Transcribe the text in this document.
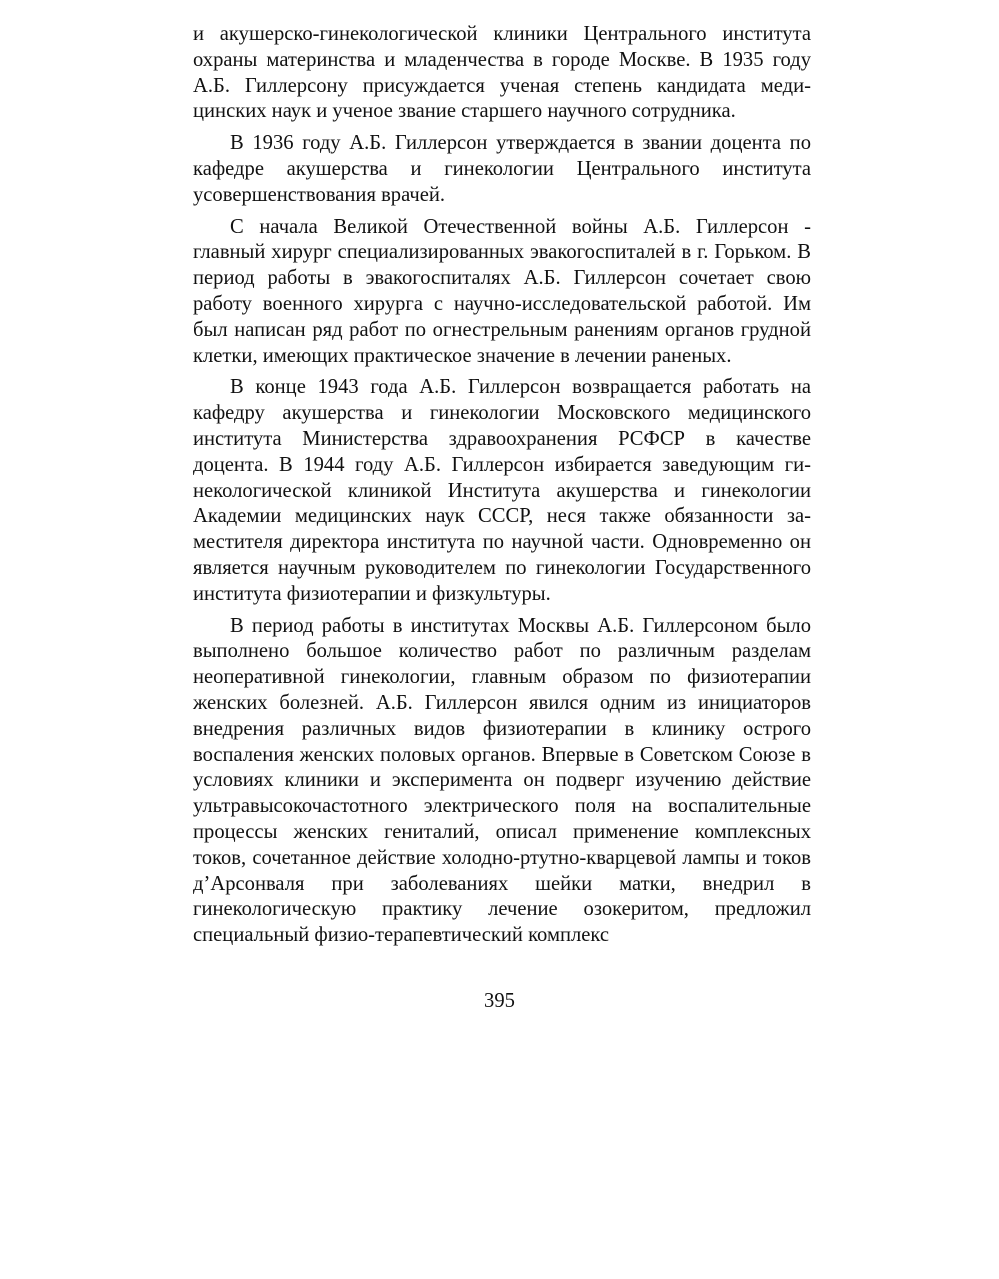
и акушерско-гинекологической клиники Центрального института охраны материнства и младенчества в городе Москве. В 1935 году А.Б. Гиллерсону присуждается ученая степень кандидата медицинских наук и ученое звание старшего научного сотрудника.

В 1936 году А.Б. Гиллерсон утверждается в звании доцента по кафедре акушерства и гинекологии Центрального института усовершенствования врачей.

С начала Великой Отечественной войны А.Б. Гиллерсон - главный хирург специализированных эвакогоспиталей в г. Горьком. В период работы в эвакогоспиталях А.Б. Гиллерсон сочетает свою работу военного хирурга с научно-исследовательской работой. Им был написан ряд работ по огнестрельным ранениям органов грудной клетки, имеющих практическое значение в лечении раненых.

В конце 1943 года А.Б. Гиллерсон возвращается работать на кафедру акушерства и гинекологии Московского медицинского института Министерства здравоохранения РСФСР в качестве доцента. В 1944 году А.Б. Гиллерсон избирается заведующим гинекологической клиникой Института акушерства и гинекологии Академии медицинских наук СССР, неся также обязанности заместителя директора института по научной части. Одновременно он является научным руководителем по гинекологии Государственного института физиотерапии и физкультуры.

В период работы в институтах Москвы А.Б. Гиллерсоном было выполнено большое количество работ по различным разделам неоперативной гинекологии, главным образом по физиотерапии женских болезней. А.Б. Гиллерсон явился одним из инициаторов внедрения различных видов физиотерапии в клинику острого воспаления женских половых органов. Впервые в Советском Союзе в условиях клиники и эксперимента он подверг изучению действие ультравысокочастотного электрического поля на воспалительные процессы женских гениталий, описал применение комплексных токов, сочетанное действие холодно-ртутно-кварцевой лампы и токов д’Арсонваля при заболеваниях шейки матки, внедрил в гинекологическую практику лечение озокеритом, предложил специальный физио-терапевтический комплекс

395
